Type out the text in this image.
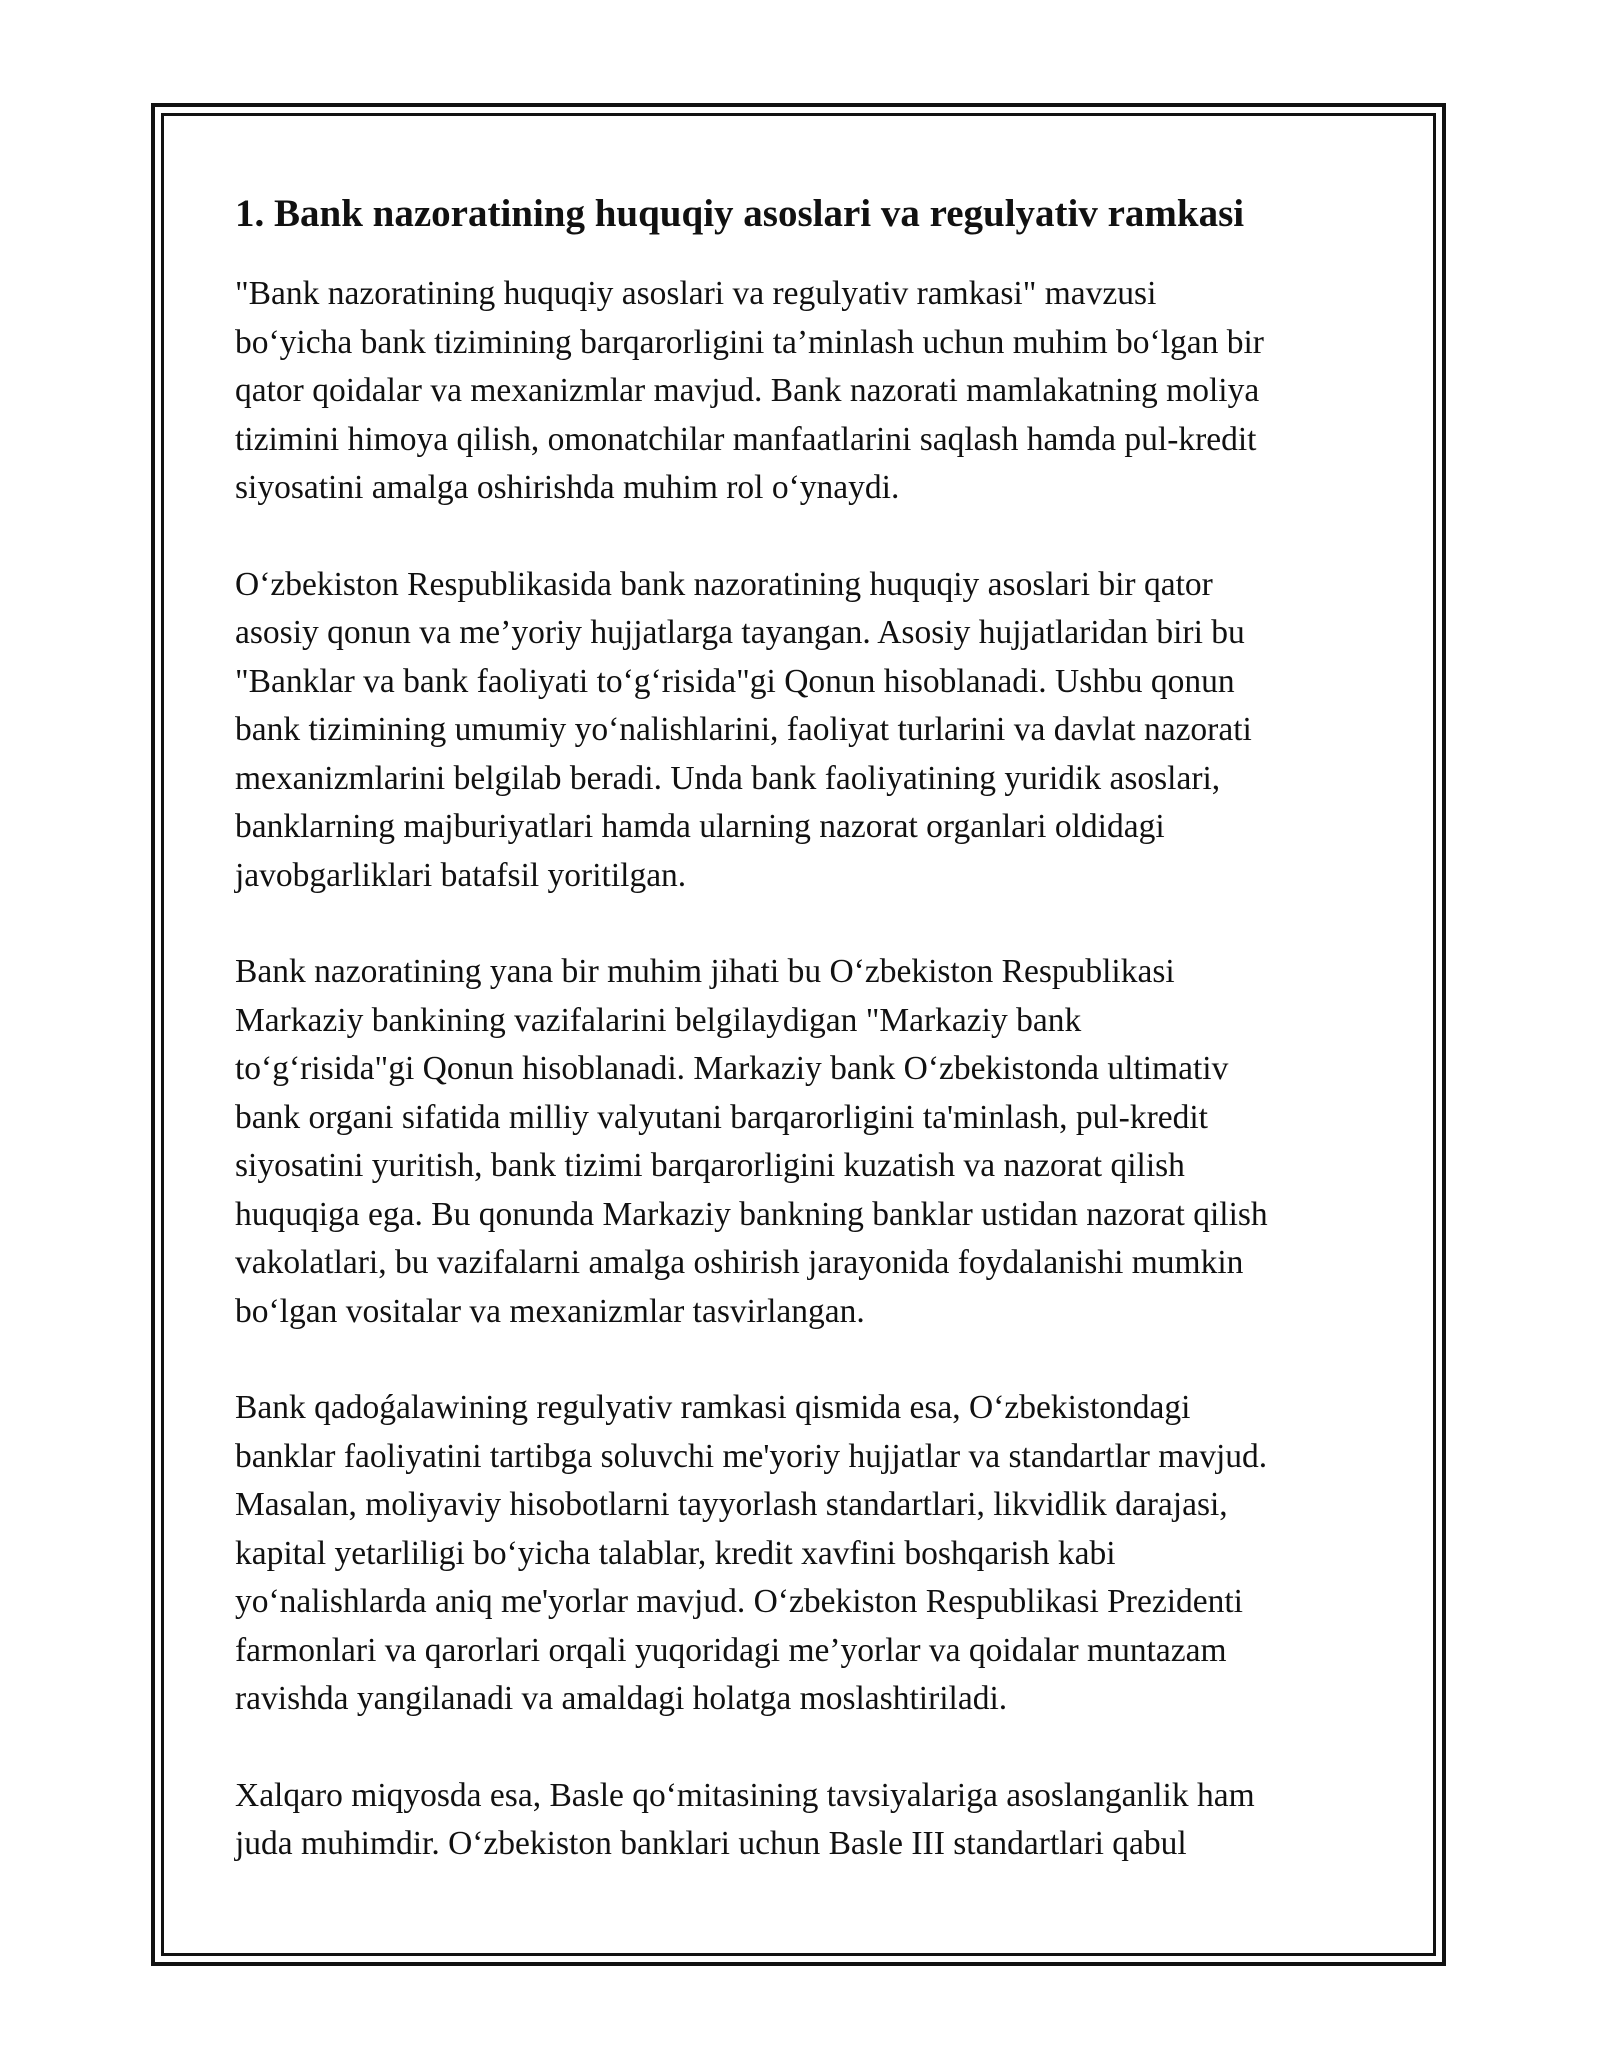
1. Bank nazoratining huquqiy asoslari va regulyativ ramkasi

"Bank nazoratining huquqiy asoslari va regulyativ ramkasi" mavzusi
bo‘yicha bank tizimining barqarorligini ta’minlash uchun muhim bo‘lgan bir
qator qoidalar va mexanizmlar mavjud. Bank nazorati mamlakatning moliya
tizimini himoya qilish, omonatchilar manfaatlarini saqlash hamda pul-kredit
siyosatini amalga oshirishda muhim rol o‘ynaydi.

O‘zbekiston Respublikasida bank nazoratining huquqiy asoslari bir qator
asosiy qonun va me’yoriy hujjatlarga tayangan. Asosiy hujjatlaridan biri bu
"Banklar va bank faoliyati to‘g‘risida"gi Qonun hisoblanadi. Ushbu qonun
bank tizimining umumiy yo‘nalishlarini, faoliyat turlarini va davlat nazorati
mexanizmlarini belgilab beradi. Unda bank faoliyatining yuridik asoslari,
banklarning majburiyatlari hamda ularning nazorat organlari oldidagi
javobgarliklari batafsil yoritilgan.

Bank nazoratining yana bir muhim jihati bu O‘zbekiston Respublikasi
Markaziy bankining vazifalarini belgilaydigan "Markaziy bank
to‘g‘risida"gi Qonun hisoblanadi. Markaziy bank O‘zbekistonda ultimativ
bank organi sifatida milliy valyutani barqarorligini ta'minlash, pul-kredit
siyosatini yuritish, bank tizimi barqarorligini kuzatish va nazorat qilish
huquqiga ega. Bu qonunda Markaziy bankning banklar ustidan nazorat qilish
vakolatlari, bu vazifalarni amalga oshirish jarayonida foydalanishi mumkin
bo‘lgan vositalar va mexanizmlar tasvirlangan.

Bank qadoǵalawining regulyativ ramkasi qismida esa, O‘zbekistondagi
banklar faoliyatini tartibga soluvchi me'yoriy hujjatlar va standartlar mavjud.
Masalan, moliyaviy hisobotlarni tayyorlash standartlari, likvidlik darajasi,
kapital yetarliligi bo‘yicha talablar, kredit xavfini boshqarish kabi
yo‘nalishlarda aniq me'yorlar mavjud. O‘zbekiston Respublikasi Prezidenti
farmonlari va qarorlari orqali yuqoridagi me’yorlar va qoidalar muntazam
ravishda yangilanadi va amaldagi holatga moslashtiriladi.

Xalqaro miqyosda esa, Basle qo‘mitasining tavsiyalariga asoslanganlik ham
juda muhimdir. O‘zbekiston banklari uchun Basle III standartlari qabul
